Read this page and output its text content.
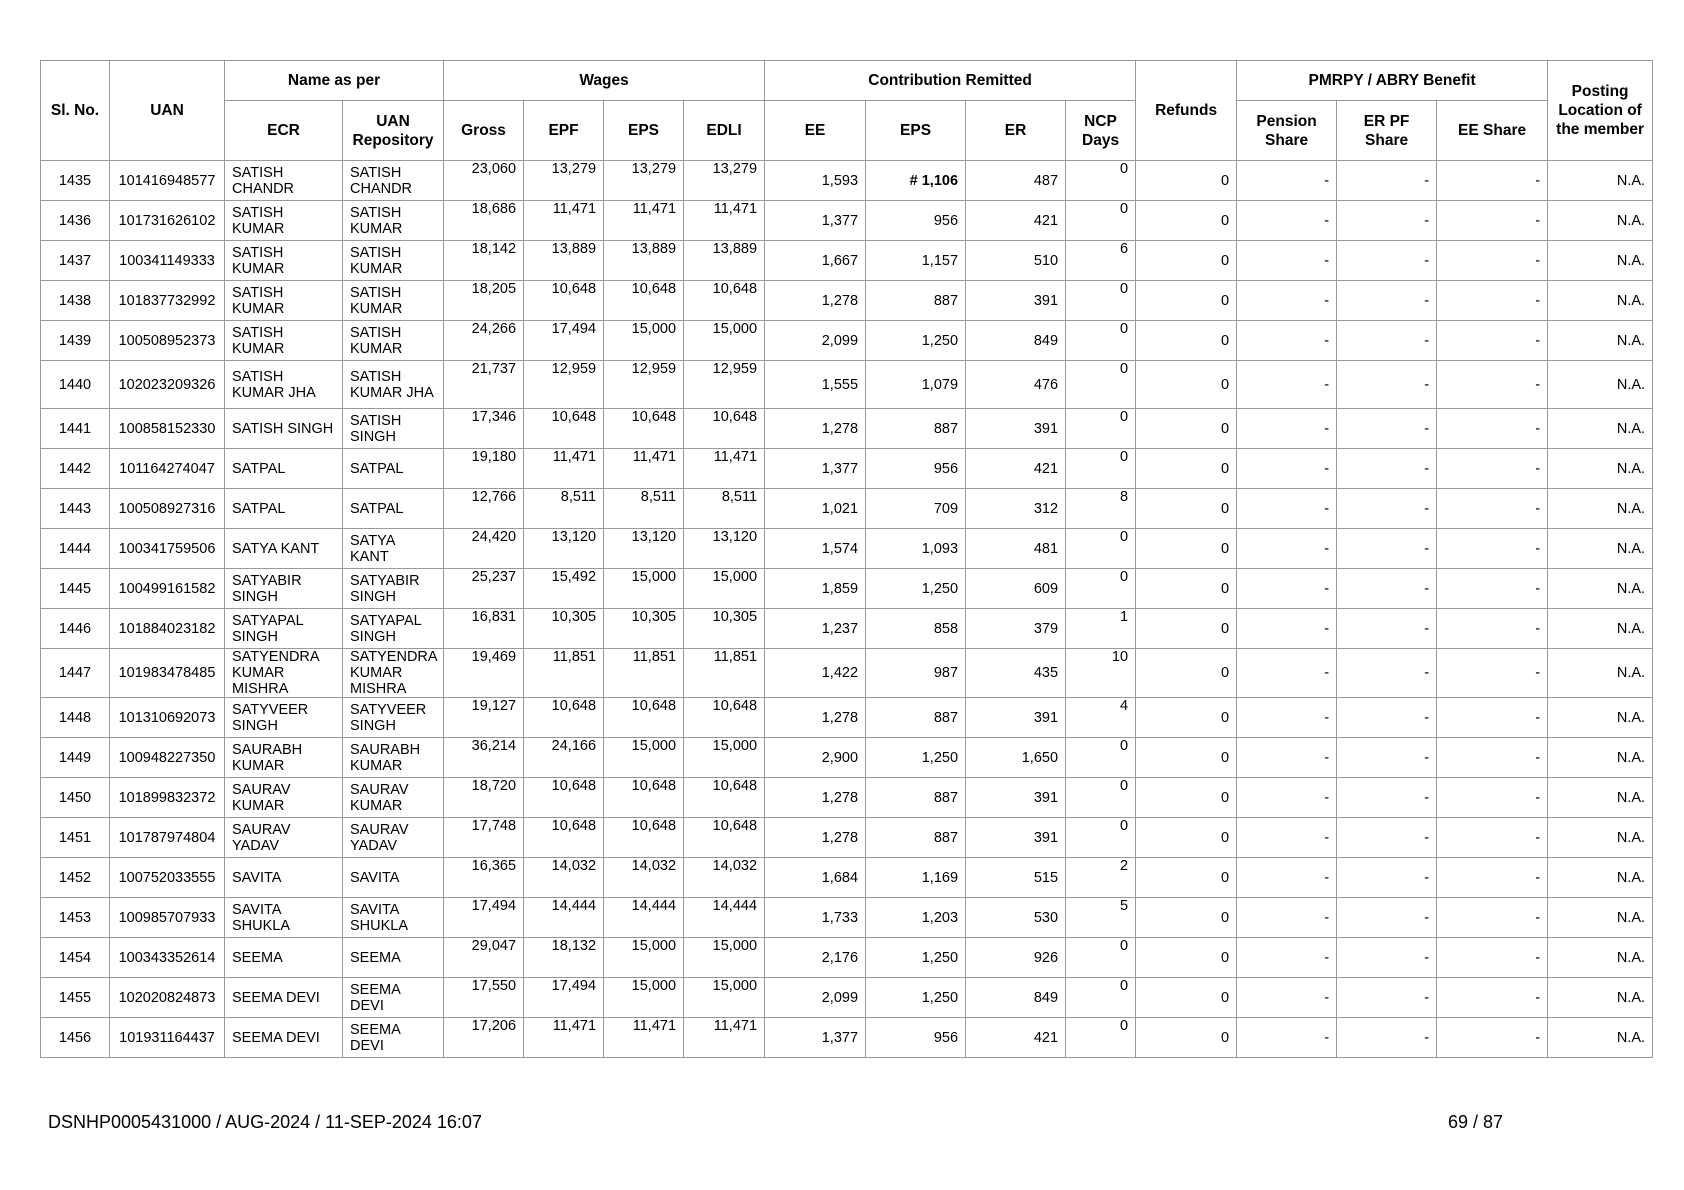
Sl. No.	UAN	Name as per		Wages				Contribution Remitted				Refunds	PMRPY / ABRY Benefit			Posting Location of the member
		ECR	UAN Repository	Gross	EPF	EPS	EDLI	EE	EPS	ER	NCP Days		Pension Share	ER PF Share	EE Share	
1435	101416948577	SATISH CHANDR	SATISH CHANDR	23,060	13,279	13,279	13,279	1,593	# 1,106	487	0	0	-	-	-	N.A.
1436	101731626102	SATISH KUMAR	SATISH KUMAR	18,686	11,471	11,471	11,471	1,377	956	421	0	0	-	-	-	N.A.
1437	100341149333	SATISH KUMAR	SATISH KUMAR	18,142	13,889	13,889	13,889	1,667	1,157	510	6	0	-	-	-	N.A.
1438	101837732992	SATISH KUMAR	SATISH KUMAR	18,205	10,648	10,648	10,648	1,278	887	391	0	0	-	-	-	N.A.
1439	100508952373	SATISH KUMAR	SATISH KUMAR	24,266	17,494	15,000	15,000	2,099	1,250	849	0	0	-	-	-	N.A.
1440	102023209326	SATISH KUMAR JHA	SATISH KUMAR JHA	21,737	12,959	12,959	12,959	1,555	1,079	476	0	0	-	-	-	N.A.
1441	100858152330	SATISH SINGH	SATISH SINGH	17,346	10,648	10,648	10,648	1,278	887	391	0	0	-	-	-	N.A.
1442	101164274047	SATPAL	SATPAL	19,180	11,471	11,471	11,471	1,377	956	421	0	0	-	-	-	N.A.
1443	100508927316	SATPAL	SATPAL	12,766	8,511	8,511	8,511	1,021	709	312	8	0	-	-	-	N.A.
1444	100341759506	SATYA KANT	SATYA KANT	24,420	13,120	13,120	13,120	1,574	1,093	481	0	0	-	-	-	N.A.
1445	100499161582	SATYABIR SINGH	SATYABIR SINGH	25,237	15,492	15,000	15,000	1,859	1,250	609	0	0	-	-	-	N.A.
1446	101884023182	SATYAPAL SINGH	SATYAPAL SINGH	16,831	10,305	10,305	10,305	1,237	858	379	1	0	-	-	-	N.A.
1447	101983478485	SATYENDRA KUMAR MISHRA	SATYENDRA KUMAR MISHRA	19,469	11,851	11,851	11,851	1,422	987	435	10	0	-	-	-	N.A.
1448	101310692073	SATYVEER SINGH	SATYVEER SINGH	19,127	10,648	10,648	10,648	1,278	887	391	4	0	-	-	-	N.A.
1449	100948227350	SAURABH KUMAR	SAURABH KUMAR	36,214	24,166	15,000	15,000	2,900	1,250	1,650	0	0	-	-	-	N.A.
1450	101899832372	SAURAV KUMAR	SAURAV KUMAR	18,720	10,648	10,648	10,648	1,278	887	391	0	0	-	-	-	N.A.
1451	101787974804	SAURAV YADAV	SAURAV YADAV	17,748	10,648	10,648	10,648	1,278	887	391	0	0	-	-	-	N.A.
1452	100752033555	SAVITA	SAVITA	16,365	14,032	14,032	14,032	1,684	1,169	515	2	0	-	-	-	N.A.
1453	100985707933	SAVITA SHUKLA	SAVITA SHUKLA	17,494	14,444	14,444	14,444	1,733	1,203	530	5	0	-	-	-	N.A.
1454	100343352614	SEEMA	SEEMA	29,047	18,132	15,000	15,000	2,176	1,250	926	0	0	-	-	-	N.A.
1455	102020824873	SEEMA DEVI	SEEMA DEVI	17,550	17,494	15,000	15,000	2,099	1,250	849	0	0	-	-	-	N.A.
1456	101931164437	SEEMA DEVI	SEEMA DEVI	17,206	11,471	11,471	11,471	1,377	956	421	0	0	-	-	-	N.A.
DSNHP0005431000 / AUG-2024 / 11-SEP-2024 16:07	69 / 87
